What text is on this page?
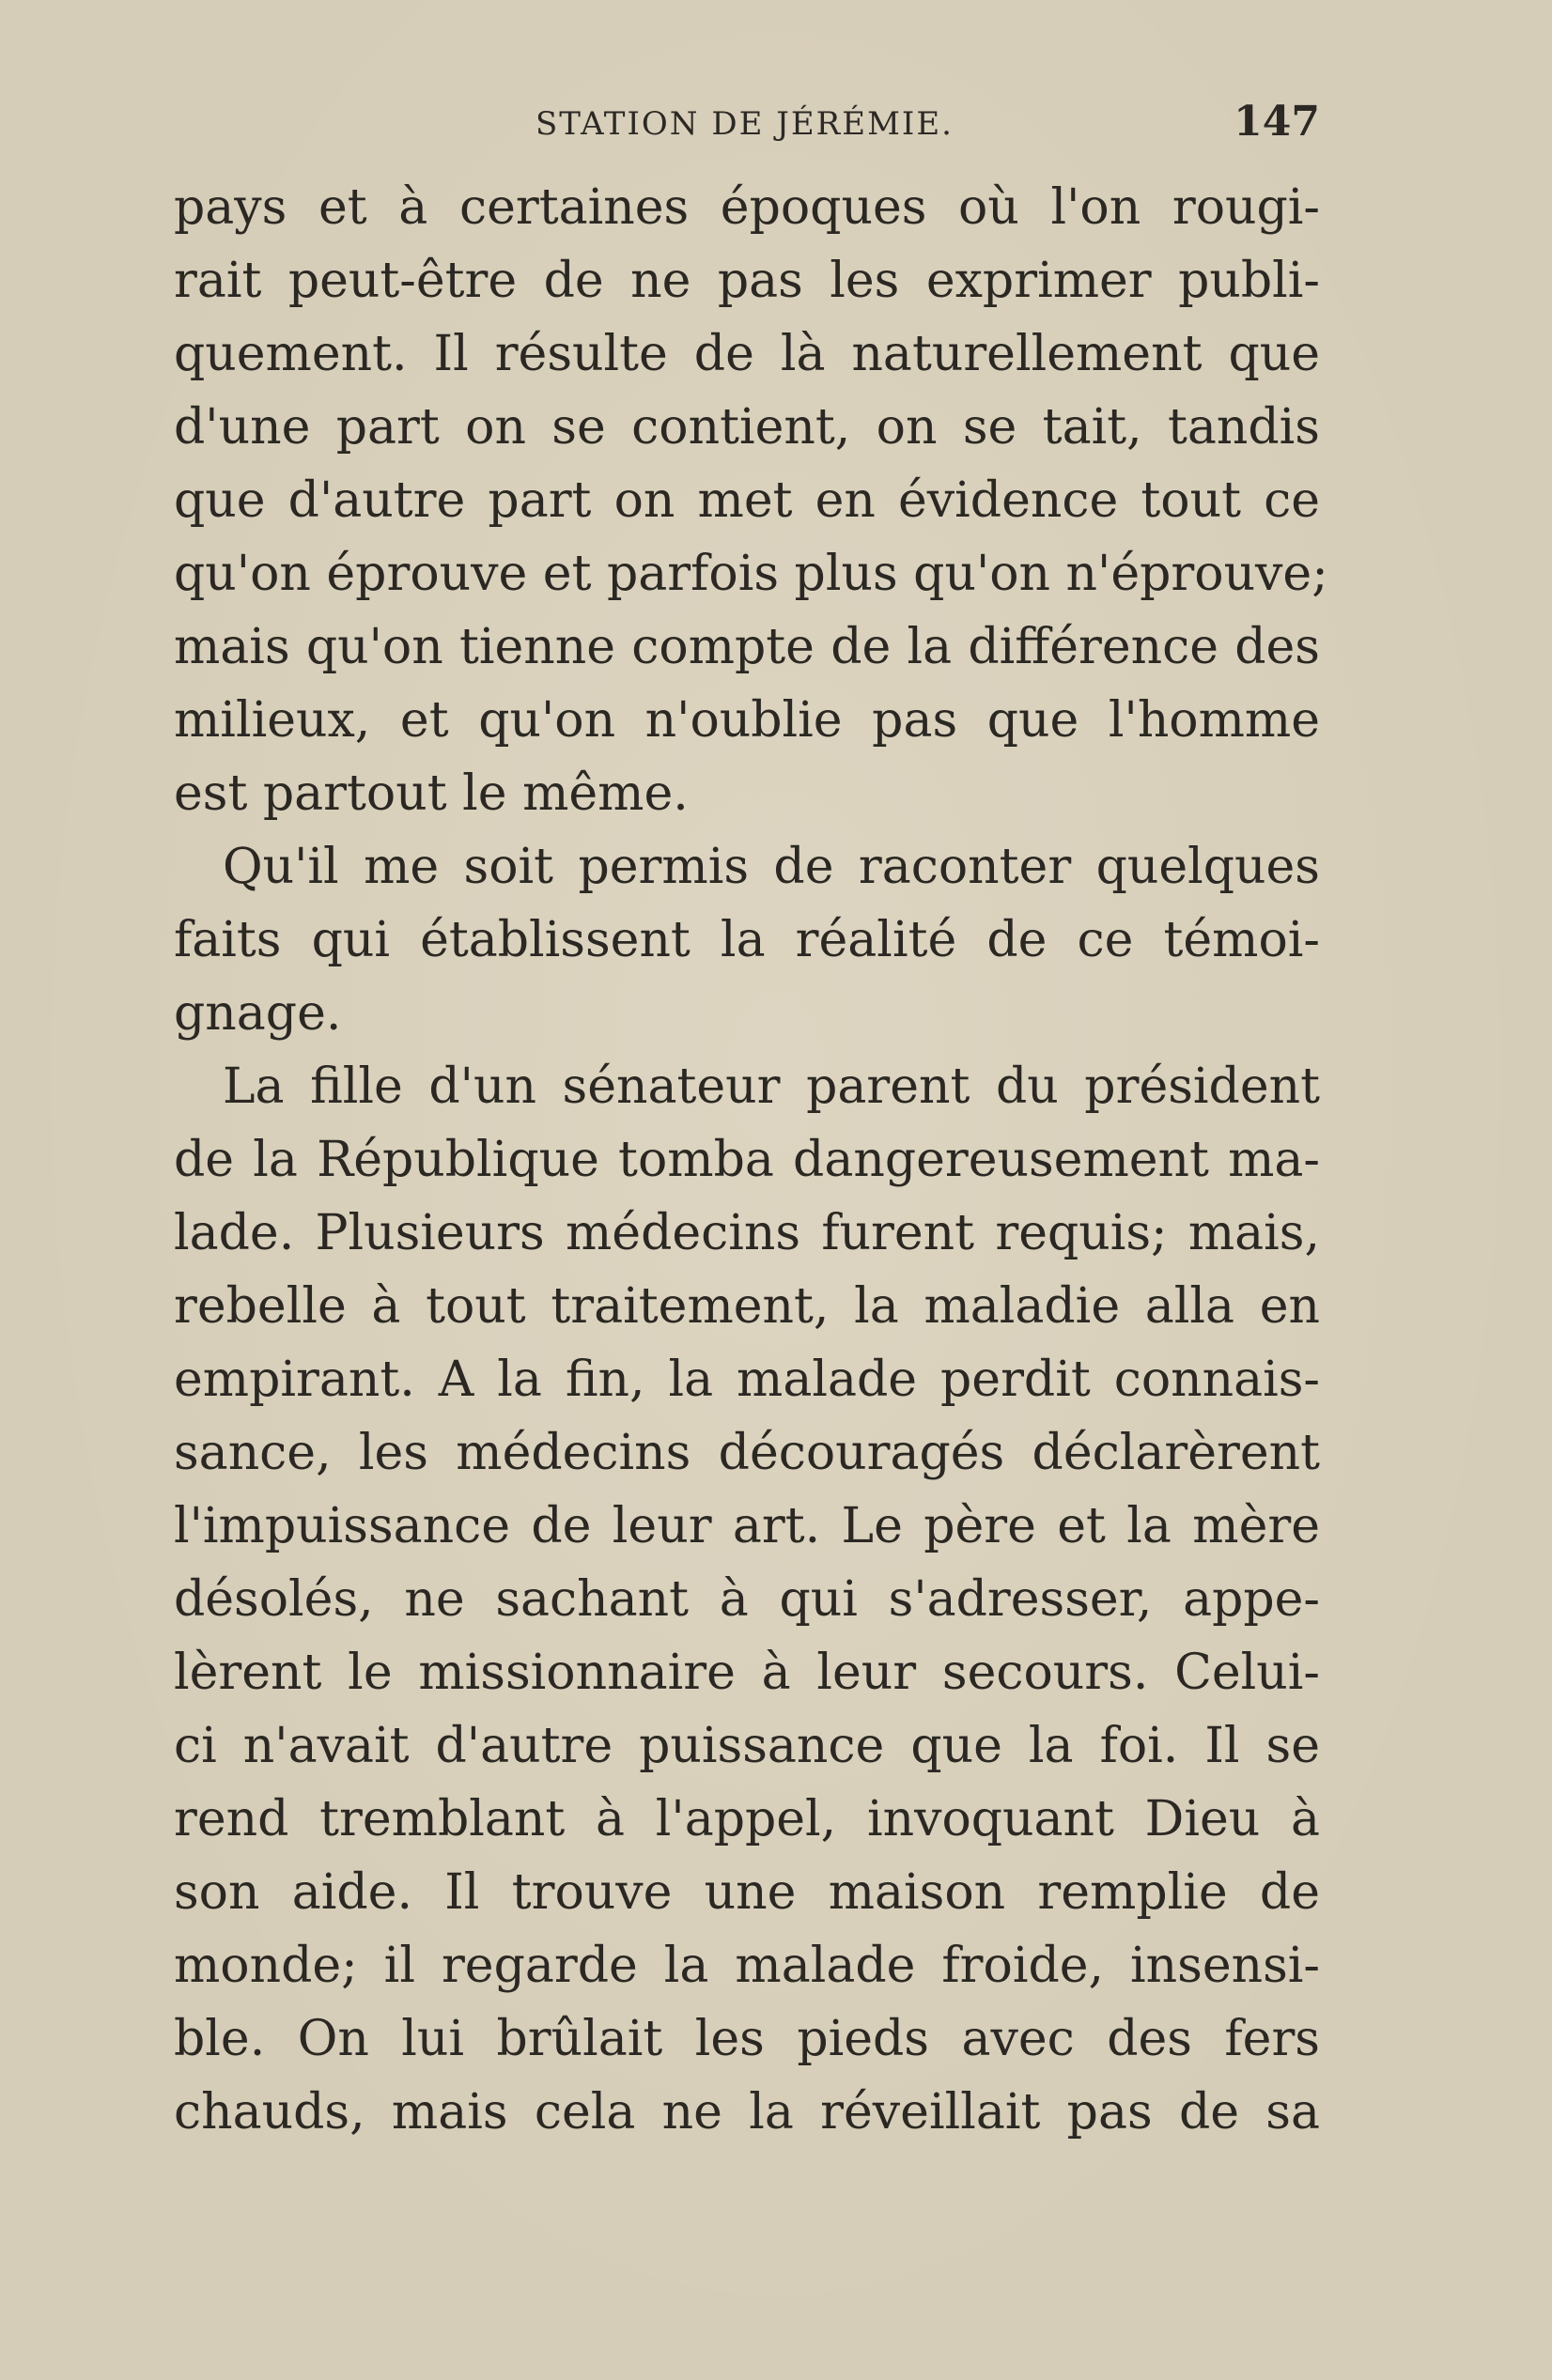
STATION DE JÉRÉMIE.	147
pays et à certaines époques où l'on rougi-
rait peut-être de ne pas les exprimer publi-
quement. Il résulte de là naturellement que
d'une part on se contient, on se tait, tandis
que d'autre part on met en évidence tout ce
qu'on éprouve et parfois plus qu'on n'éprouve;
mais qu'on tienne compte de la différence des
milieux, et qu'on n'oublie pas que l'homme
est partout le même.
Qu'il me soit permis de raconter quelques
faits qui établissent la réalité de ce témoi-
gnage.
La fille d'un sénateur parent du président
de la République tomba dangereusement ma-
lade. Plusieurs médecins furent requis; mais,
rebelle à tout traitement, la maladie alla en
empirant. A la fin, la malade perdit connais-
sance, les médecins découragés déclarèrent
l'impuissance de leur art. Le père et la mère
désolés, ne sachant à qui s'adresser, appe-
lèrent le missionnaire à leur secours. Celui-
ci n'avait d'autre puissance que la foi. Il se
rend tremblant à l'appel, invoquant Dieu à
son aide. Il trouve une maison remplie de
monde; il regarde la malade froide, insensi-
ble. On lui brûlait les pieds avec des fers
chauds, mais cela ne la réveillait pas de sa
